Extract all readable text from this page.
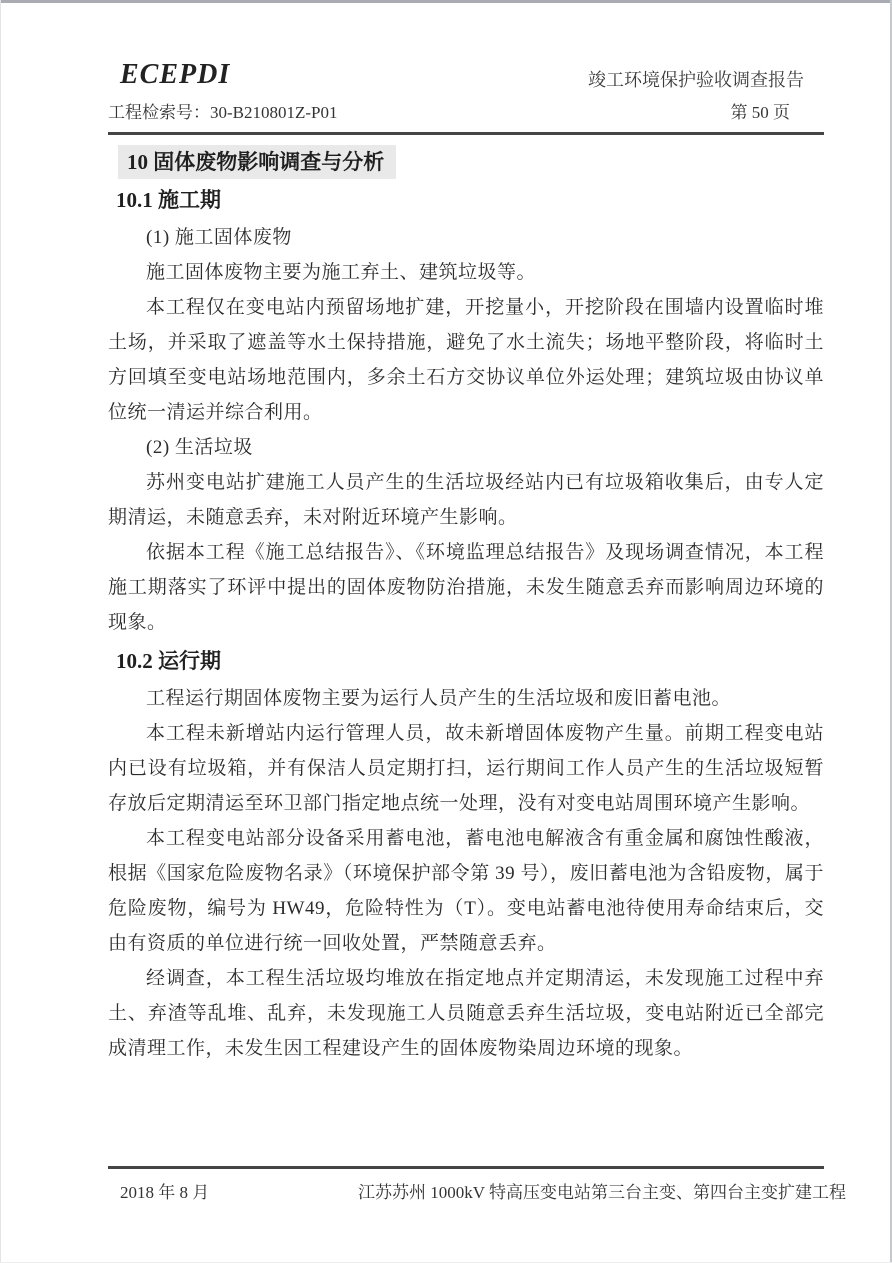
ECEPDI	竣工环境保护验收调查报告
工程检索号：30-B210801Z-P01	第 50 页
10 固体废物影响调查与分析
10.1 施工期

(1) 施工固体废物

施工固体废物主要为施工弃土、建筑垃圾等。

本工程仅在变电站内预留场地扩建，开挖量小，开挖阶段在围墙内设置临时堆土场，并采取了遮盖等水土保持措施，避免了水土流失；场地平整阶段，将临时土方回填至变电站场地范围内，多余土石方交协议单位外运处理；建筑垃圾由协议单位统一清运并综合利用。

(2) 生活垃圾

苏州变电站扩建施工人员产生的生活垃圾经站内已有垃圾箱收集后，由专人定期清运，未随意丢弃，未对附近环境产生影响。

依据本工程《施工总结报告》、《环境监理总结报告》及现场调查情况，本工程施工期落实了环评中提出的固体废物防治措施，未发生随意丢弃而影响周边环境的现象。

10.2 运行期

工程运行期固体废物主要为运行人员产生的生活垃圾和废旧蓄电池。

本工程未新增站内运行管理人员，故未新增固体废物产生量。前期工程变电站内已设有垃圾箱，并有保洁人员定期打扫，运行期间工作人员产生的生活垃圾短暂存放后定期清运至环卫部门指定地点统一处理，没有对变电站周围环境产生影响。

本工程变电站部分设备采用蓄电池，蓄电池电解液含有重金属和腐蚀性酸液，根据《国家危险废物名录》（环境保护部令第 39 号），废旧蓄电池为含铅废物，属于危险废物，编号为 HW49，危险特性为（T）。变电站蓄电池待使用寿命结束后，交由有资质的单位进行统一回收处置，严禁随意丢弃。

经调查，本工程生活垃圾均堆放在指定地点并定期清运，未发现施工过程中弃土、弃渣等乱堆、乱弃，未发现施工人员随意丢弃生活垃圾，变电站附近已全部完成清理工作，未发生因工程建设产生的固体废物染周边环境的现象。

2018 年 8 月	江苏苏州 1000kV 特高压变电站第三台主变、第四台主变扩建工程
